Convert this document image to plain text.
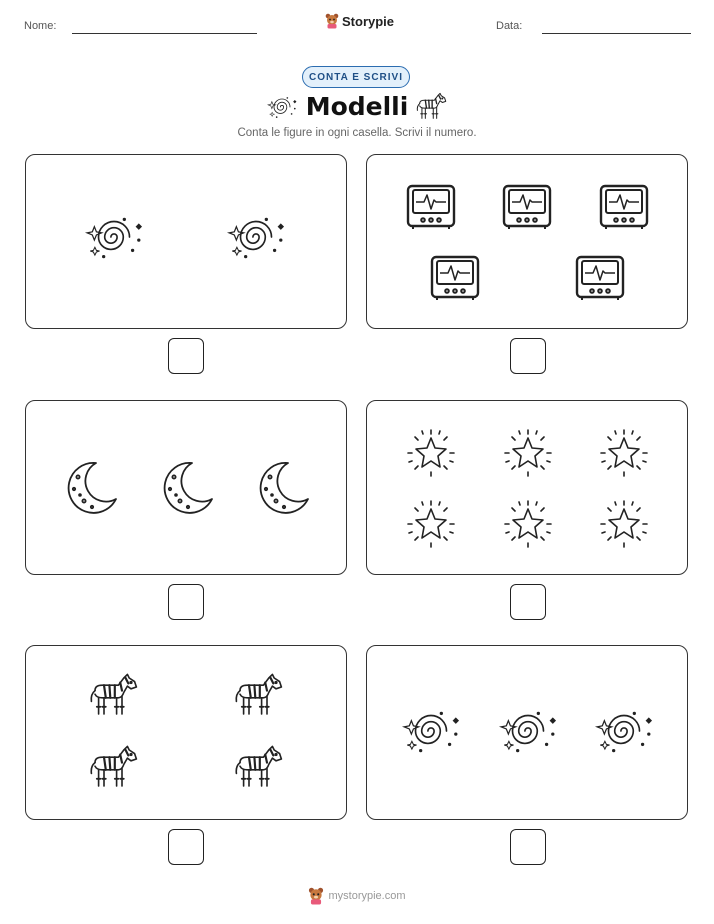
Nome:	Storypie	Data:
CONTA E SCRIVI
Modelli
Conta le figure in ogni casella. Scrivi il numero.
mystorypie.com
